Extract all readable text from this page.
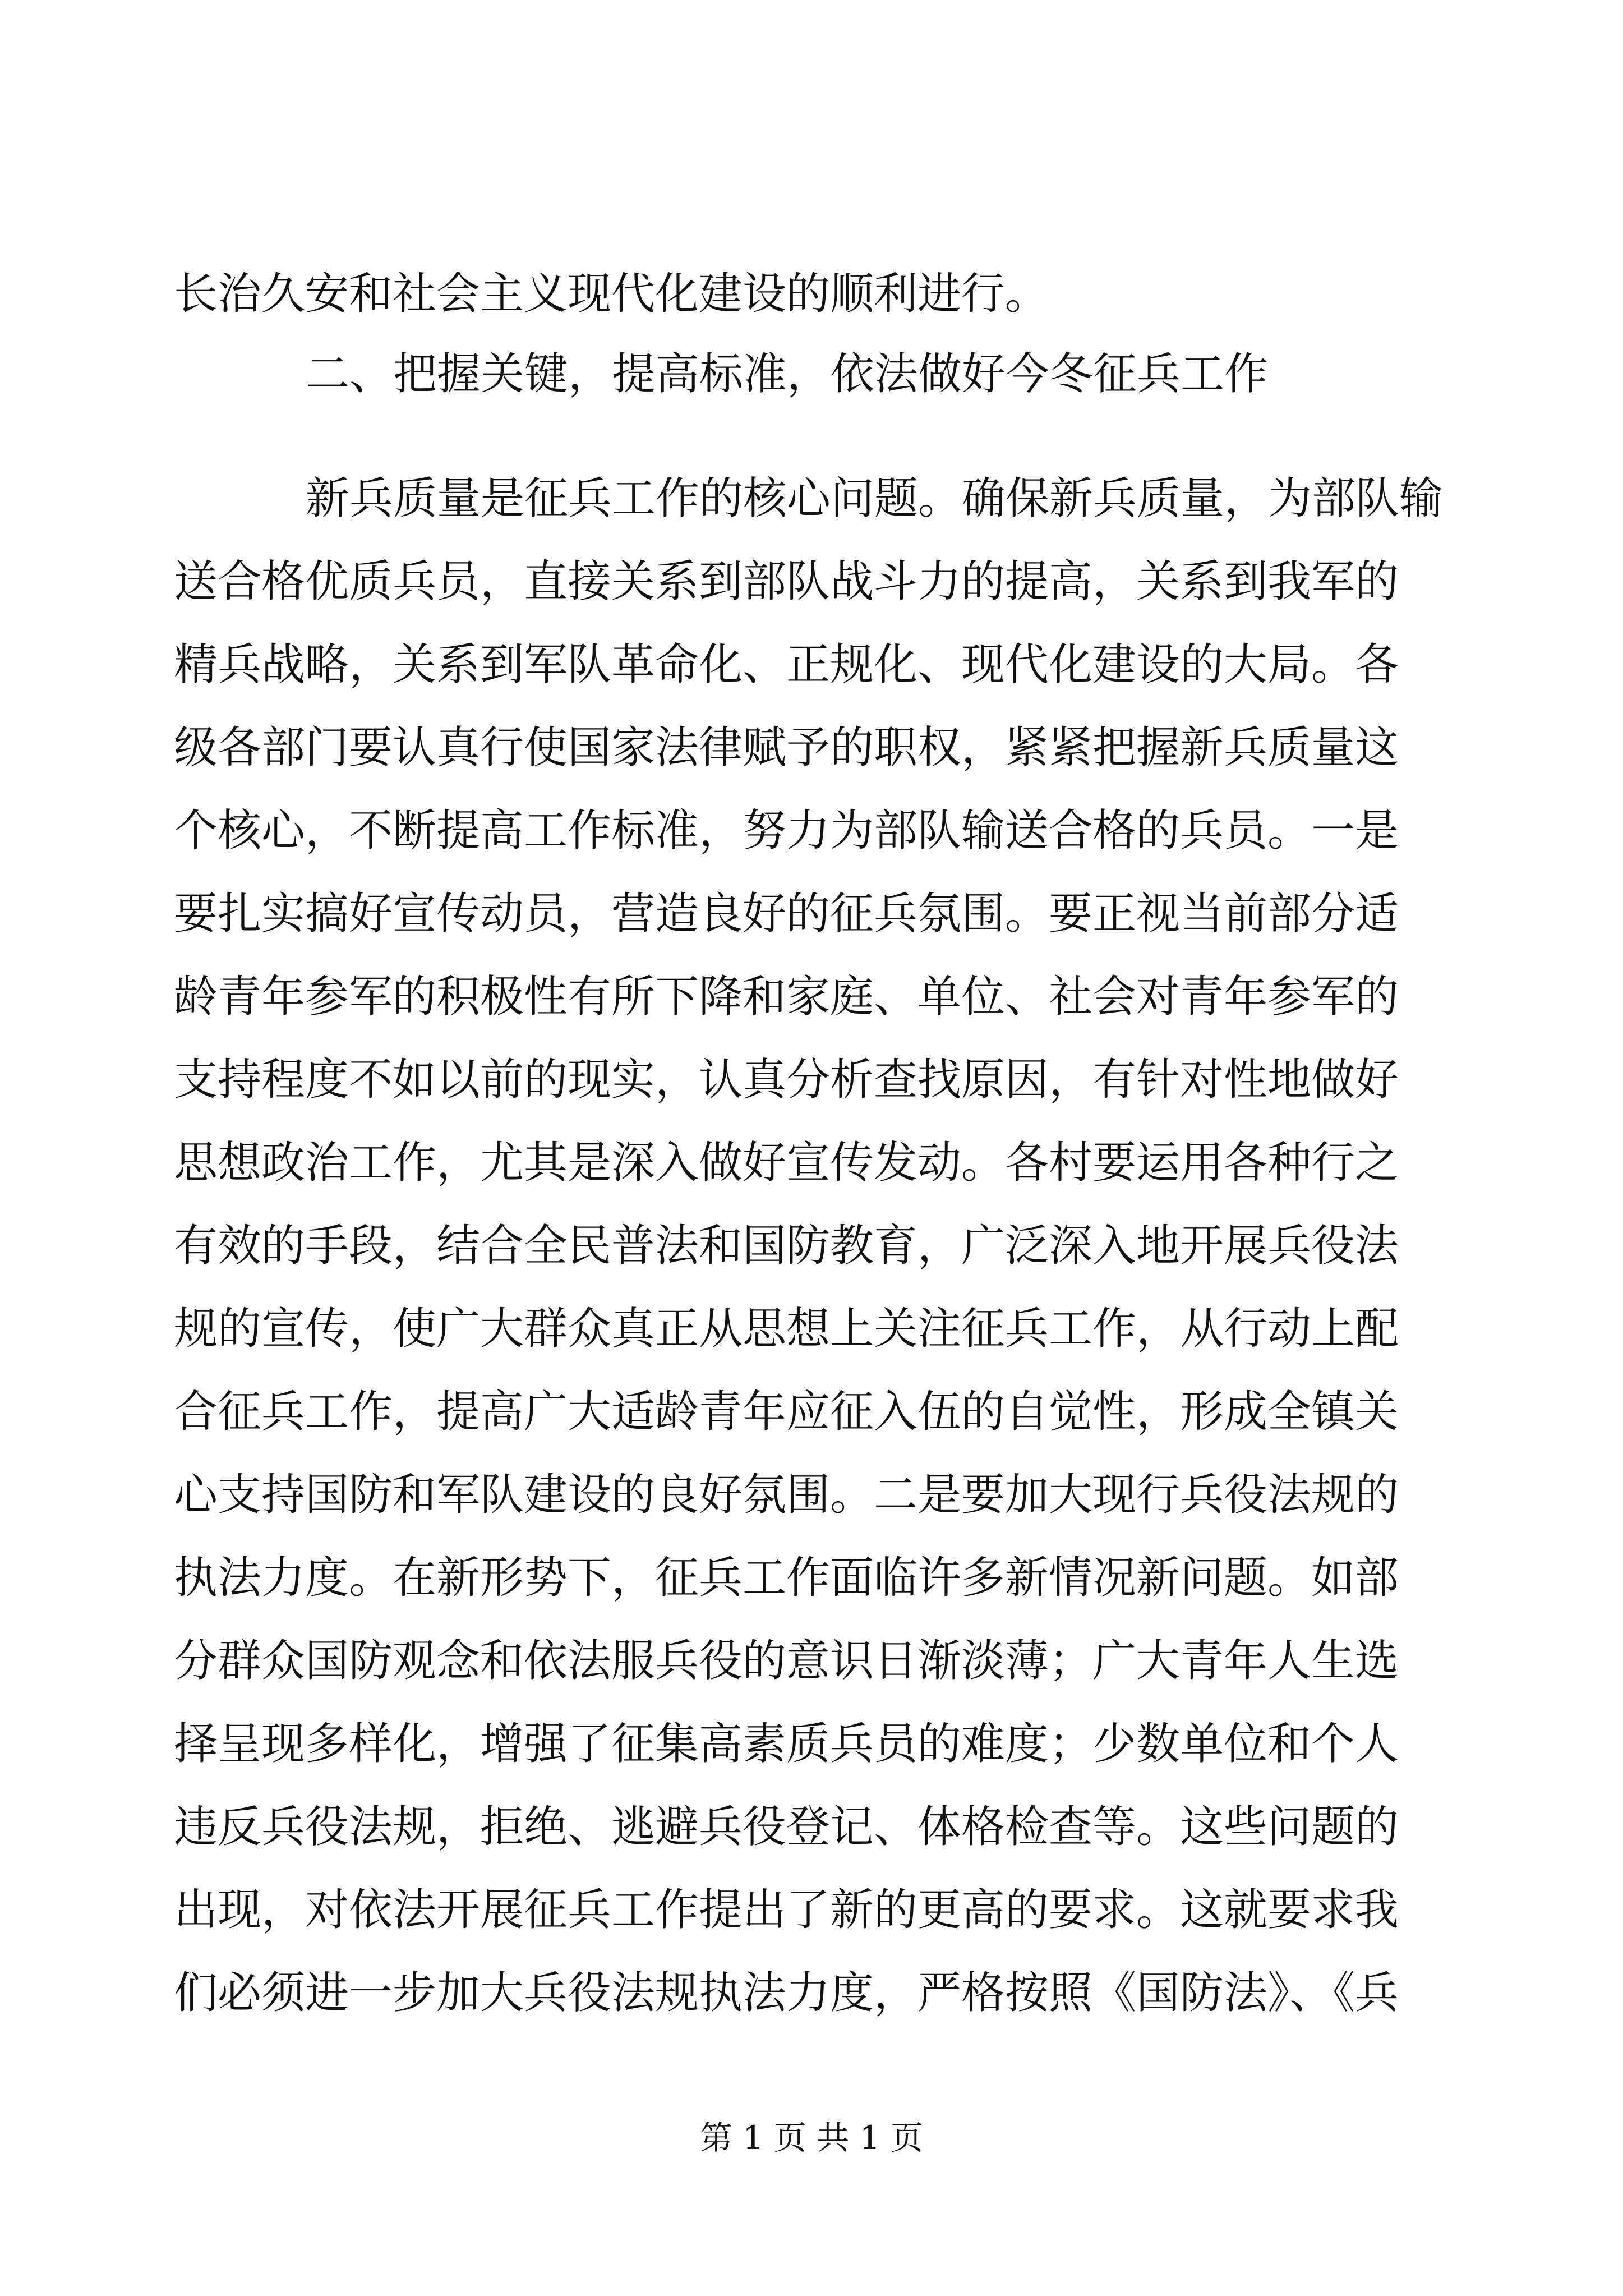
长治久安和社会主义现代化建设的顺利进行。
二、把握关键，提高标准，依法做好今冬征兵工作
新兵质量是征兵工作的核心问题。确保新兵质量，为部队输
送合格优质兵员，直接关系到部队战斗力的提高，关系到我军的
精兵战略，关系到军队革命化、正规化、现代化建设的大局。各
级各部门要认真行使国家法律赋予的职权，紧紧把握新兵质量这
个核心，不断提高工作标准，努力为部队输送合格的兵员。一是
要扎实搞好宣传动员，营造良好的征兵氛围。要正视当前部分适
龄青年参军的积极性有所下降和家庭、单位、社会对青年参军的
支持程度不如以前的现实，认真分析查找原因，有针对性地做好
思想政治工作，尤其是深入做好宣传发动。各村要运用各种行之
有效的手段，结合全民普法和国防教育，广泛深入地开展兵役法
规的宣传，使广大群众真正从思想上关注征兵工作，从行动上配
合征兵工作，提高广大适龄青年应征入伍的自觉性，形成全镇关
心支持国防和军队建设的良好氛围。二是要加大现行兵役法规的
执法力度。在新形势下，征兵工作面临许多新情况新问题。如部
分群众国防观念和依法服兵役的意识日渐淡薄；广大青年人生选
择呈现多样化，增强了征集高素质兵员的难度；少数单位和个人
违反兵役法规，拒绝、逃避兵役登记、体格检查等。这些问题的
出现，对依法开展征兵工作提出了新的更高的要求。这就要求我
们必须进一步加大兵役法规执法力度，严格按照《国防法》、《兵
第 1 页 共 1 页
